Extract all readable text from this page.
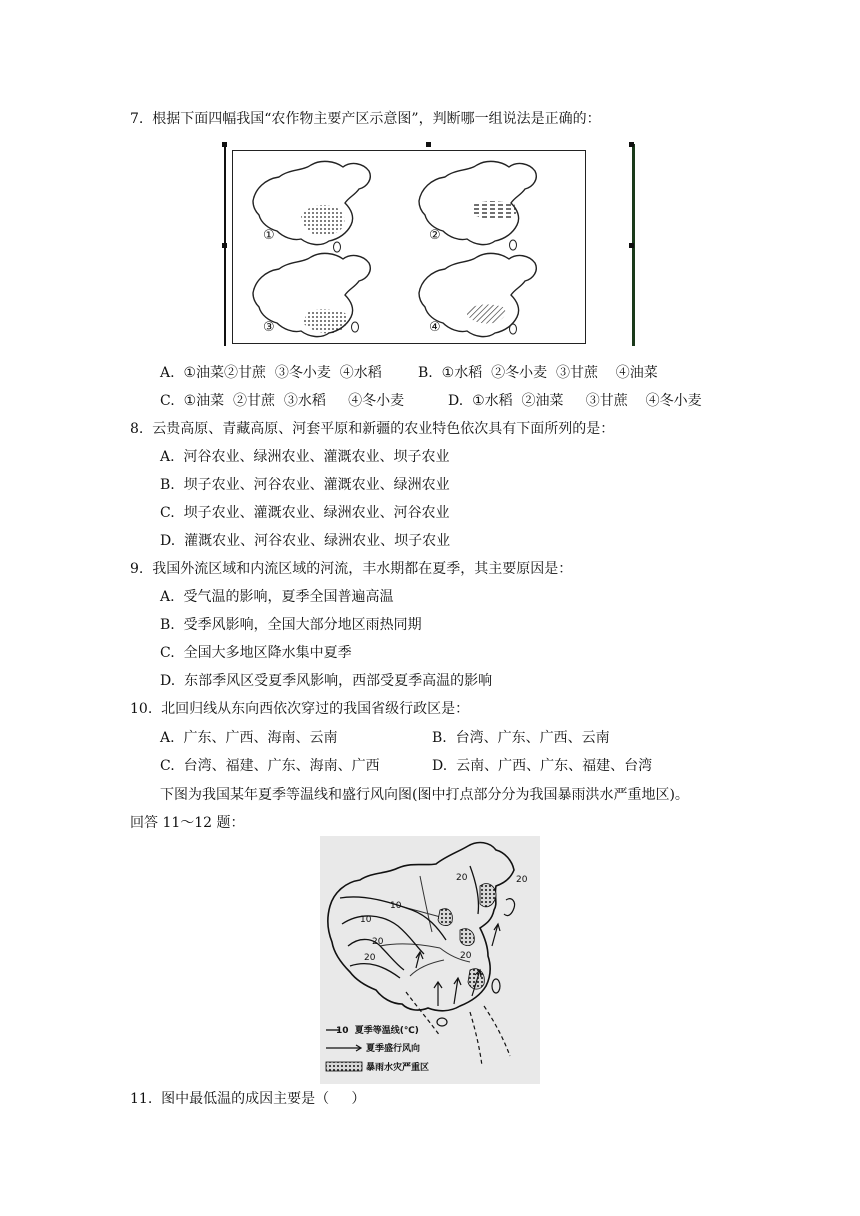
7.  根据下面四幅我国“农作物主要产区示意图”，判断哪一组说法是正确的：
①	②
③	④
A.  ①油菜②甘蔗  ③冬小麦  ④水稻	B.  ①水稻  ②冬小麦  ③甘蔗    ④油菜
C.  ①油菜  ②甘蔗  ③水稻     ④冬小麦	D.  ①水稻  ②油菜     ③甘蔗    ④冬小麦
8.  云贵高原、青藏高原、河套平原和新疆的农业特色依次具有下面所列的是：
A.  河谷农业、绿洲农业、灌溉农业、坝子农业
B.  坝子农业、河谷农业、灌溉农业、绿洲农业
C.  坝子农业、灌溉农业、绿洲农业、河谷农业
D.  灌溉农业、河谷农业、绿洲农业、坝子农业
9.  我国外流区域和内流区域的河流，丰水期都在夏季，其主要原因是：
A.  受气温的影响，夏季全国普遍高温
B.  受季风影响，全国大部分地区雨热同期
C.  全国大多地区降水集中夏季
D.  东部季风区受夏季风影响，西部受夏季高温的影响
10.  北回归线从东向西依次穿过的我国省级行政区是：
A.  广东、广西、海南、云南	B.  台湾、广东、广西、云南
C.  台湾、福建、广东、海南、广西	D.  云南、广西、广东、福建、台湾
下图为我国某年夏季等温线和盛行风向图(图中打点部分分为我国暴雨洪水严重地区)。
回答 11～12 题：
20	20
10
10
20
20	20
10  夏季等温线(℃)
夏季盛行风向
暴雨水灾严重区
11.  图中最低温的成因主要是（     ）
